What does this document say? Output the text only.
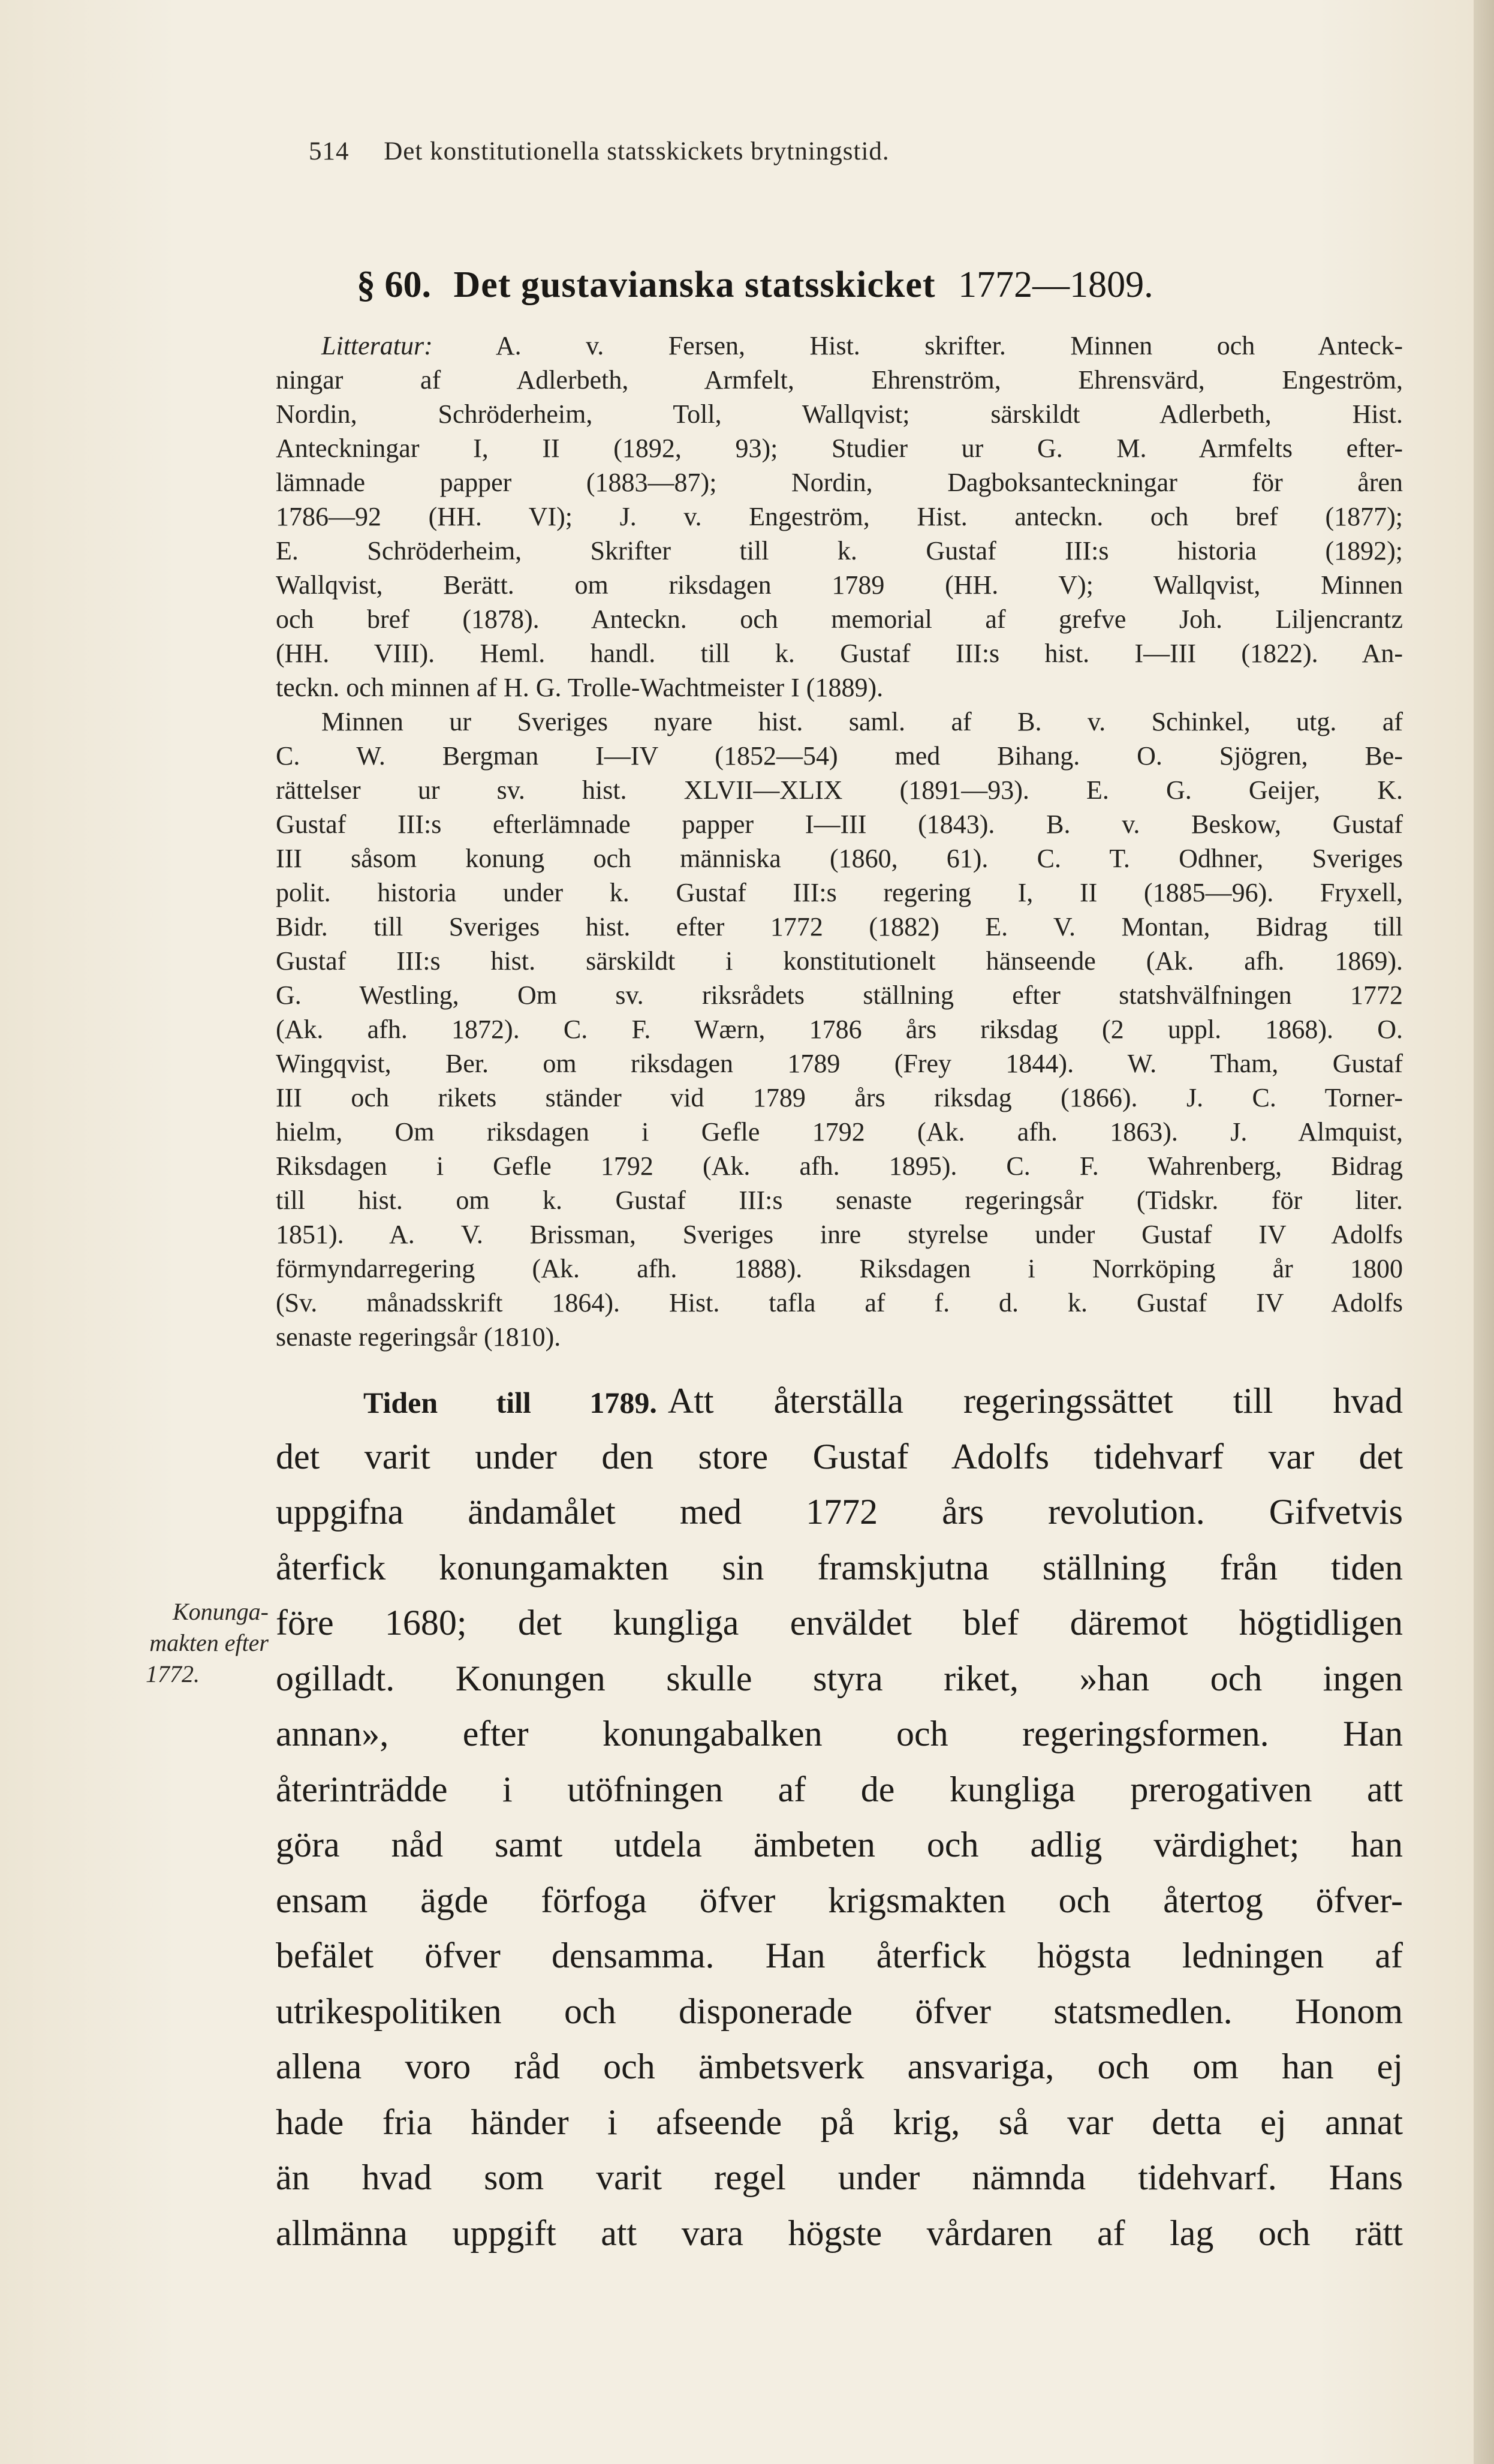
514 Det konstitutionella statsskickets brytningstid.
§ 60. Det gustavianska statsskicket 1772—1809.
Litteratur: A. v. Fersen, Hist. skrifter. Minnen och Anteck-
ningar af Adlerbeth, Armfelt, Ehrenström, Ehrensvärd, Engeström,
Nordin, Schröderheim, Toll, Wallqvist; särskildt Adlerbeth, Hist.
Anteckningar I, II (1892, 93); Studier ur G. M. Armfelts efter-
lämnade papper (1883—87); Nordin, Dagboksanteckningar för åren
1786—92 (HH. VI); J. v. Engeström, Hist. anteckn. och bref (1877);
E. Schröderheim, Skrifter till k. Gustaf III:s historia (1892);
Wallqvist, Berätt. om riksdagen 1789 (HH. V); Wallqvist, Minnen
och bref (1878). Anteckn. och memorial af grefve Joh. Liljencrantz
(HH. VIII). Heml. handl. till k. Gustaf III:s hist. I—III (1822). An-
teckn. och minnen af H. G. Trolle-Wachtmeister I (1889).
Minnen ur Sveriges nyare hist. saml. af B. v. Schinkel, utg. af
C. W. Bergman I—IV (1852—54) med Bihang. O. Sjögren, Be-
rättelser ur sv. hist. XLVII—XLIX (1891—93). E. G. Geijer, K.
Gustaf III:s efterlämnade papper I—III (1843). B. v. Beskow, Gustaf
III såsom konung och människa (1860, 61). C. T. Odhner, Sveriges
polit. historia under k. Gustaf III:s regering I, II (1885—96). Fryxell,
Bidr. till Sveriges hist. efter 1772 (1882) E. V. Montan, Bidrag till
Gustaf III:s hist. särskildt i konstitutionelt hänseende (Ak. afh. 1869).
G. Westling, Om sv. riksrådets ställning efter statshvälfningen 1772
(Ak. afh. 1872). C. F. Wærn, 1786 års riksdag (2 uppl. 1868). O.
Wingqvist, Ber. om riksdagen 1789 (Frey 1844). W. Tham, Gustaf
III och rikets ständer vid 1789 års riksdag (1866). J. C. Torner-
hielm, Om riksdagen i Gefle 1792 (Ak. afh. 1863). J. Almquist,
Riksdagen i Gefle 1792 (Ak. afh. 1895). C. F. Wahrenberg, Bidrag
till hist. om k. Gustaf III:s senaste regeringsår (Tidskr. för liter.
1851). A. V. Brissman, Sveriges inre styrelse under Gustaf IV Adolfs
förmyndarregering (Ak. afh. 1888). Riksdagen i Norrköping år 1800
(Sv. månadsskrift 1864). Hist. tafla af f. d. k. Gustaf IV Adolfs
senaste regeringsår (1810).
Tiden till 1789. Att återställa regeringssättet till hvad
det varit under den store Gustaf Adolfs tidehvarf var det
uppgifna ändamålet med 1772 års revolution. Gifvetvis
återfick konungamakten sin framskjutna ställning från tiden
före 1680; det kungliga enväldet blef däremot högtidligen
ogilladt. Konungen skulle styra riket, »han och ingen
annan», efter konungabalken och regeringsformen. Han
återinträdde i utöfningen af de kungliga prerogativen att
göra nåd samt utdela ämbeten och adlig värdighet; han
ensam ägde förfoga öfver krigsmakten och återtog öfver-
befälet öfver densamma. Han återfick högsta ledningen af
utrikespolitiken och disponerade öfver statsmedlen. Honom
allena voro råd och ämbetsverk ansvariga, och om han ej
hade fria händer i afseende på krig, så var detta ej annat
än hvad som varit regel under nämnda tidehvarf. Hans
allmänna uppgift att vara högste vårdaren af lag och rätt
Konunga-
makten efter
1772.
